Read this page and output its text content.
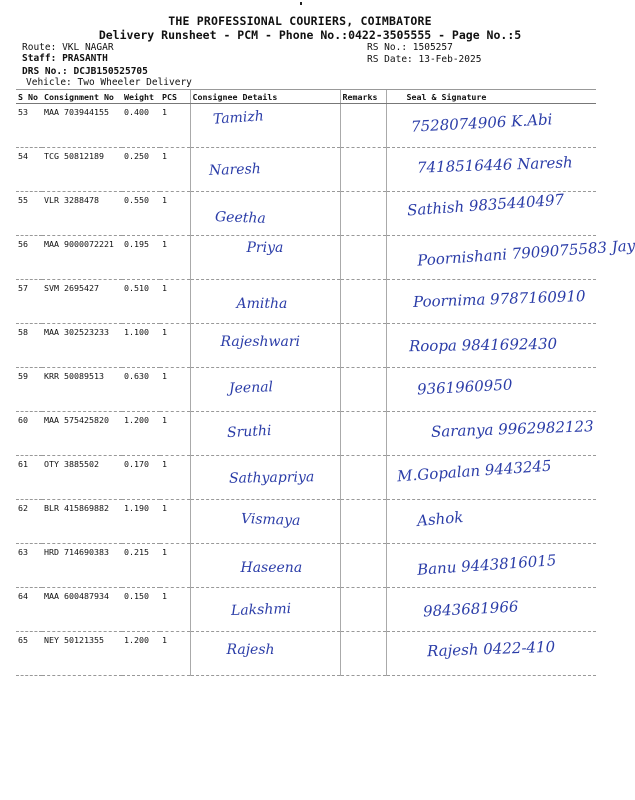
THE PROFESSIONAL COURIERS, COIMBATORE
Delivery Runsheet - PCM - Phone No.:0422-3505555 - Page No.:5
Route: VKL NAGAR
Staff: PRASANTH
DRS No.: DCJB150525705
Vehicle: Two Wheeler Delivery
RS No.: 1505257
RS Date: 13-Feb-2025
S No	Consignment No	Weight	PCS	Consignee Details	Remarks	Seal & Signature
53	MAA 703944155	0.400	1	Tamizh		7528074906 K.Abi

54	TCG 50812189	0.250	1	Naresh		7418516446 Naresh

55	VLR 3288478	0.550	1	Geetha		Sathish 9835440497

56	MAA 9000072221	0.195	1	Priya		Poornishani 7909075583 Jay

57	SVM 2695427	0.510	1	Amitha		Poornima 9787160910

58	MAA 302523233	1.100	1	Rajeshwari		Roopa 9841692430

59	KRR 50089513	0.630	1	Jeenal		9361960950

60	MAA 575425820	1.200	1	Sruthi		Saranya 9962982123

61	OTY 3885502	0.170	1	Sathyapriya		M.Gopalan 9443245

62	BLR 415869882	1.190	1	Vismaya		Ashok

63	HRD 714690383	0.215	1	Haseena		Banu 9443816015

64	MAA 600487934	0.150	1	Lakshmi		9843681966

65	NEY 50121355	1.200	1	Rajesh		Rajesh 0422-410
